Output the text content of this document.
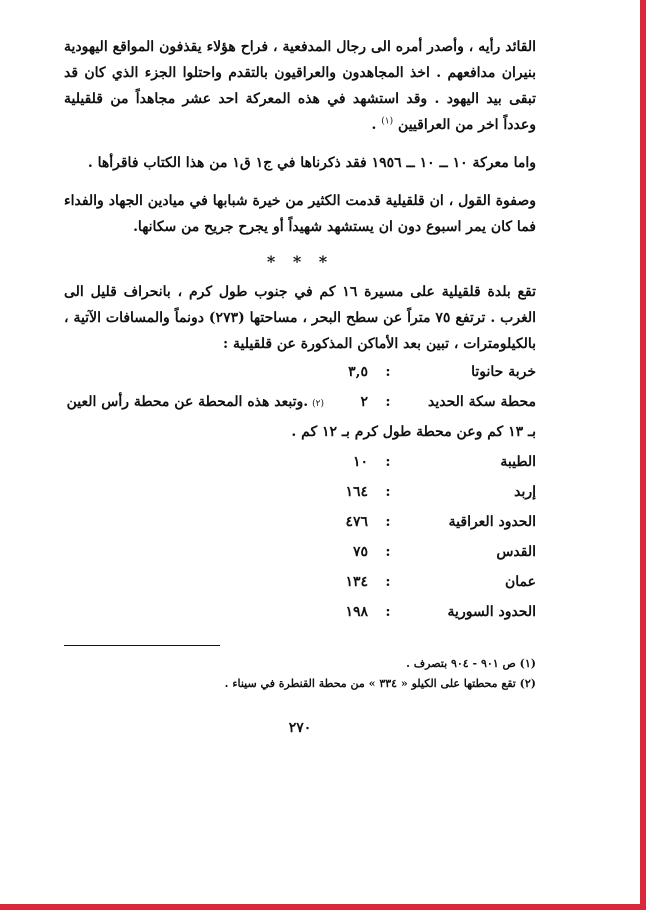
القائد رأيه ، وأصدر أمره الى رجال المدفعية ، فراح هؤلاء يقذفون المواقع اليهودية بنيران مدافعهم . اخذ المجاهدون والعراقيون بالتقدم واحتلوا الجزء الذي كان قد تبقى بيد اليهود . وقد استشهد في هذه المعركة احد عشر مجاهداً من قلقيلية وعدداً اخر من العراقيين $^{(١)}$ .

واما معركة ١٠ ــ ١٠ ــ ١٩٥٦ فقد ذكرناها في ج١ ق١ من هذا الكتاب فاقرأها .

وصفوة القول ، ان قلقيلية قدمت الكثير من خيرة شبابها في ميادين الجهاد والفداء فما كان يمر اسبوع دون ان يستشهد شهيداً أو يجرح جريح من سكانها.

* * *

تقع بلدة قلقيلية على مسيرة ١٦ كم في جنوب طول كرم ، بانحراف قليل الى الغرب . ترتفع ٧٥ متراً عن سطح البحر ، مساحتها (٢٧٣) دونماً والمسافات الآتية ، بالكيلومترات ، تبين بعد الأماكن المذكورة عن قلقيلية :

خربة حانوتا
:
٣,٥
محطة سكة الحديد
:
٢
(٢)
.وتبعد هذه المحطة عن محطة رأس العين

بـ ١٣ كم وعن محطة طول كرم بـ ١٢ كم .

الطيبة
:
١٠
إربد
:
١٦٤
الحدود العراقية
:
٤٧٦
القدس
:
٧٥
عمان
:
١٣٤
الحدود السورية
:
١٩٨

(١) ص ٩٠١ - ٩٠٤ بتصرف .

(٢) تقع محطتها على الكيلو « ٣٣٤ » من محطة القنطرة في سيناء .

٢٧٠
